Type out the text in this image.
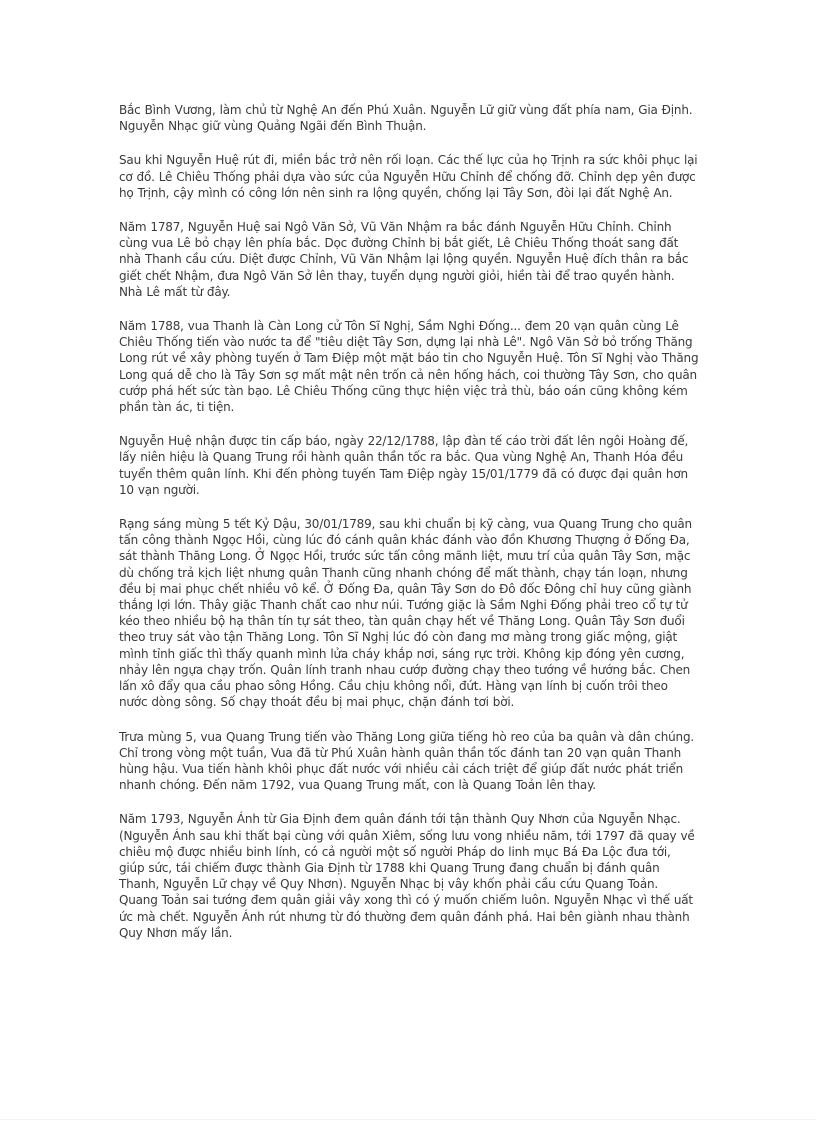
Bắc Bình Vương, làm chủ từ Nghệ An đến Phú Xuân. Nguyễn Lữ giữ vùng đất phía nam, Gia Định. Nguyễn Nhạc giữ vùng Quảng Ngãi đến Bình Thuận.

Sau khi Nguyễn Huệ rút đi, miền bắc trở nên rối loạn. Các thế lực của họ Trịnh ra sức khôi phục lại cơ đồ. Lê Chiêu Thống phải dựa vào sức của Nguyễn Hữu Chỉnh để chống đỡ. Chỉnh dẹp yên được họ Trịnh, cậy mình có công lớn nên sinh ra lộng quyền, chống lại Tây Sơn, đòi lại đất Nghệ An.

Năm 1787, Nguyễn Huệ sai Ngô Văn Sở, Vũ Văn Nhậm ra bắc đánh Nguyễn Hữu Chỉnh. Chỉnh cùng vua Lê bỏ chạy lên phía bắc. Dọc đường Chỉnh bị bắt giết, Lê Chiêu Thống thoát sang đất nhà Thanh cầu cứu. Diệt được Chỉnh, Vũ Văn Nhậm lại lộng quyền. Nguyễn Huệ đích thân ra bắc giết chết Nhậm, đưa Ngô Văn Sở lên thay, tuyển dụng người giỏi, hiền tài để trao quyền hành. Nhà Lê mất từ đây.

Năm 1788, vua Thanh là Càn Long cử Tôn Sĩ Nghị, Sầm Nghi Đống... đem 20 vạn quân cùng Lê Chiêu Thống tiến vào nước ta để "tiêu diệt Tây Sơn, dựng lại nhà Lê". Ngô Văn Sở bỏ trống Thăng Long rút về xây phòng tuyến ở Tam Điệp một mặt báo tin cho Nguyễn Huệ. Tôn Sĩ Nghị vào Thăng Long quá dễ cho là Tây Sơn sợ mất mật nên trốn cả nên hống hách, coi thường Tây Sơn, cho quân cướp phá hết sức tàn bạo. Lê Chiêu Thống cũng thực hiện việc trả thù, báo oán cũng không kém phần tàn ác, ti tiện.

Nguyễn Huệ nhận được tin cấp báo, ngày 22/12/1788, lập đàn tế cáo trời đất lên ngôi Hoàng đế, lấy niên hiệu là Quang Trung rồi hành quân thần tốc ra bắc. Qua vùng Nghệ An, Thanh Hóa đều tuyển thêm quân lính. Khi đến phòng tuyến Tam Điệp ngày 15/01/1779 đã có được đại quân hơn 10 vạn người.

Rạng sáng mùng 5 tết Kỷ Dậu, 30/01/1789, sau khi chuẩn bị kỹ càng, vua Quang Trung cho quân tấn công thành Ngọc Hồi, cùng lúc đó cánh quân khác đánh vào đồn Khương Thượng ở Đống Đa, sát thành Thăng Long. Ở Ngọc Hồi, trước sức tấn công mãnh liệt, mưu trí của quân Tây Sơn, mặc dù chống trả kịch liệt nhưng quân Thanh cũng nhanh chóng để mất thành, chạy tán loạn, nhưng đều bị mai phục chết nhiều vô kể. Ở Đống Đa, quân Tây Sơn do Đô đốc Đông chỉ huy cũng giành thắng lợi lớn. Thây giặc Thanh chất cao như núi. Tướng giặc là Sầm Nghi Đống phải treo cổ tự tử kéo theo nhiều bộ hạ thân tín tự sát theo, tàn quân chạy hết về Thăng Long. Quân Tây Sơn đuổi theo truy sát vào tận Thăng Long. Tôn Sĩ Nghị lúc đó còn đang mơ màng trong giấc mộng, giật mình tỉnh giấc thì thấy quanh mình lửa cháy khắp nơi, sáng rực trời. Không kịp đóng yên cương, nhảy lên ngựa chạy trốn. Quân lính tranh nhau cướp đường chạy theo tướng về hướng bắc. Chen lấn xô đẩy qua cầu phao sông Hồng. Cầu chịu không nổi, đứt. Hàng vạn lính bị cuốn trôi theo nước dòng sông. Số chạy thoát đều bị mai phục, chặn đánh tơi bời.

Trưa mùng 5, vua Quang Trung tiến vào Thăng Long giữa tiếng hò reo của ba quân và dân chúng. Chỉ trong vòng một tuần, Vua đã từ Phú Xuân hành quân thần tốc đánh tan 20 vạn quân Thanh hùng hậu. Vua tiến hành khôi phục đất nước với nhiều cải cách triệt để giúp đất nước phát triển nhanh chóng. Đến năm 1792, vua Quang Trung mất, con là Quang Toản lên thay.

Năm 1793, Nguyễn Ánh từ Gia Định đem quân đánh tới tận thành Quy Nhơn của Nguyễn Nhạc. (Nguyễn Ánh sau khi thất bại cùng với quân Xiêm, sống lưu vong nhiều năm, tới 1797 đã quay về chiêu mộ được nhiều binh lính, có cả người một số người Pháp do linh mục Bá Đa Lộc đưa tới, giúp sức, tái chiếm được thành Gia Định từ 1788 khi Quang Trung đang chuẩn bị đánh quân Thanh, Nguyễn Lữ chạy về Quy Nhơn). Nguyễn Nhạc bị vây khốn phải cầu cứu Quang Toản. Quang Toản sai tướng đem quân giải vây xong thì có ý muốn chiếm luôn. Nguyễn Nhạc vì thế uất ức mà chết. Nguyễn Ánh rút nhưng từ đó thường đem quân đánh phá. Hai bên giành nhau thành Quy Nhơn mấy lần.
